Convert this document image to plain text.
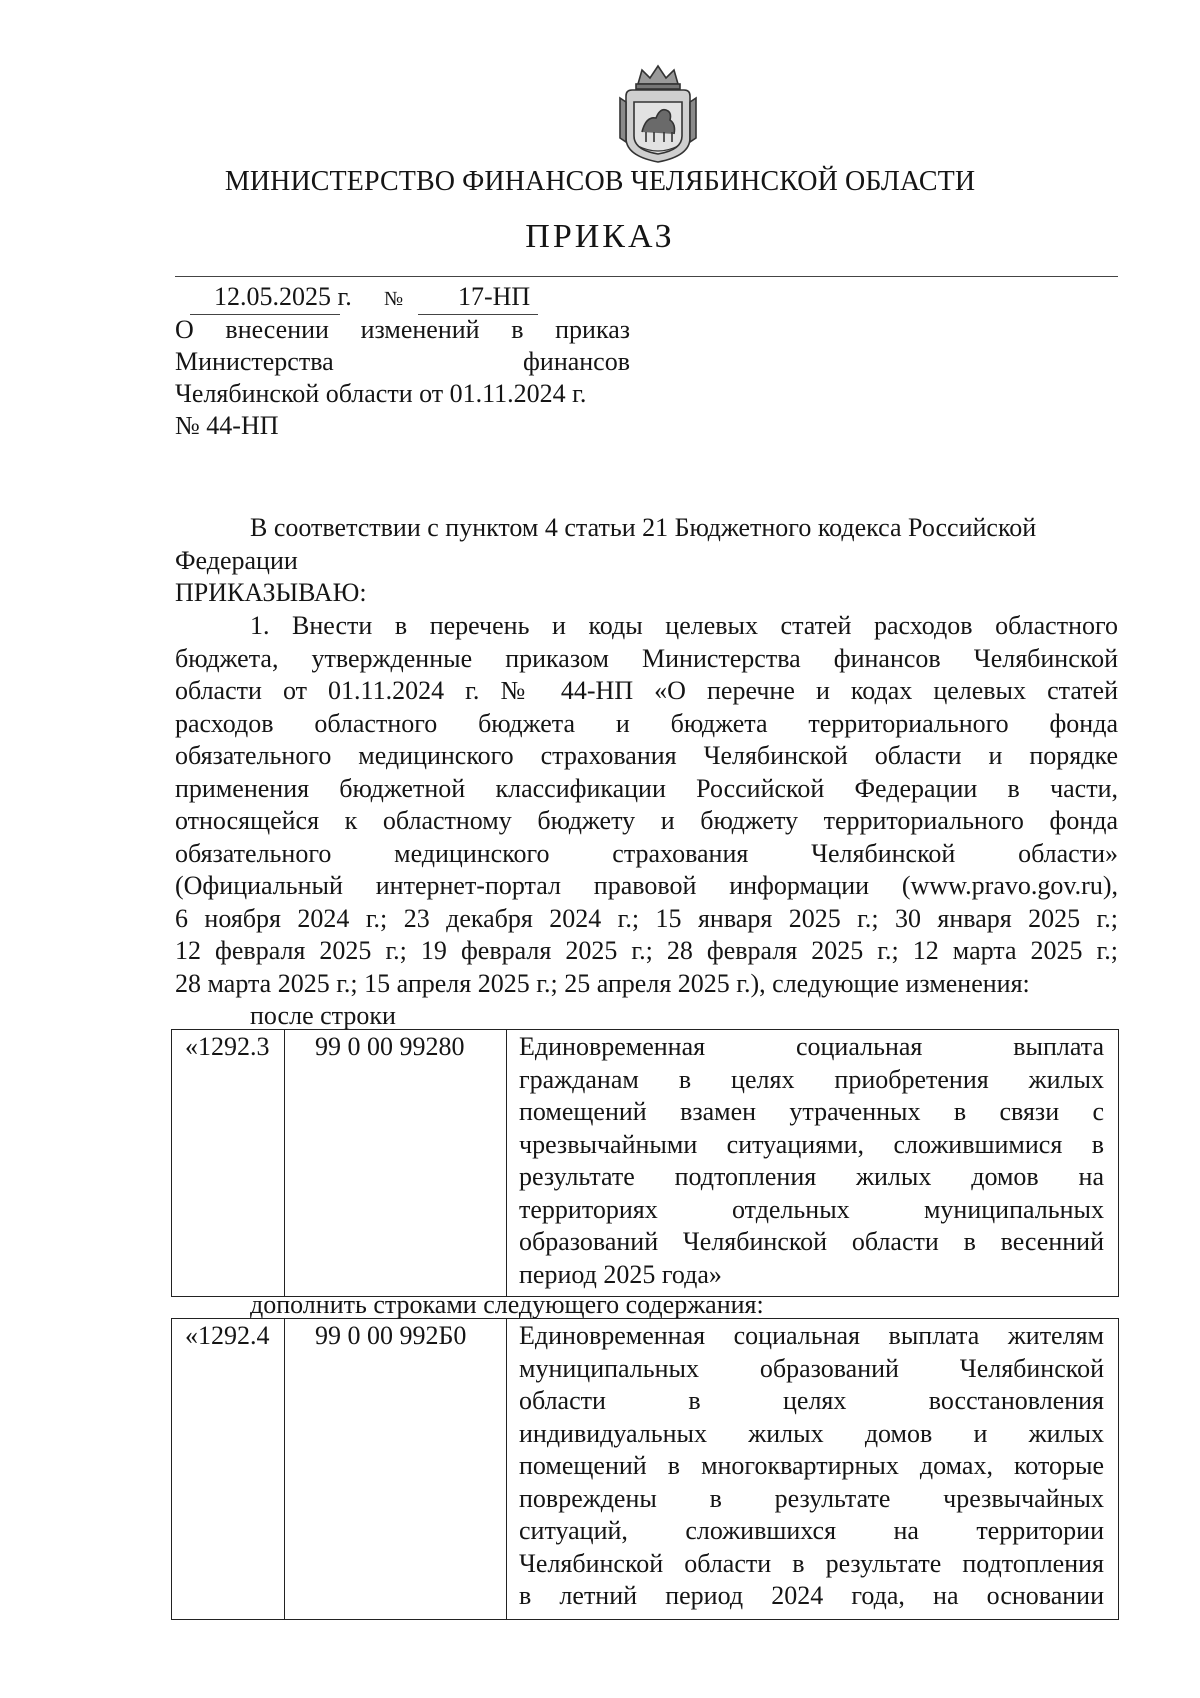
МИНИСТЕРСТВО ФИНАНСОВ ЧЕЛЯБИНСКОЙ ОБЛАСТИ
ПРИКАЗ
12.05.2025 г. № 17-НП
О внесении изменений в приказ
Министерства финансов
Челябинской области от 01.11.2024 г.
№ 44-НП
В соответствии с пунктом 4 статьи 21 Бюджетного кодекса Российской
Федерации
ПРИКАЗЫВАЮ:
1. Внести в перечень и коды целевых статей расходов областного
бюджета, утвержденные приказом Министерства финансов Челябинской
области от 01.11.2024 г. № 44-НП «О перечне и кодах целевых статей
расходов областного бюджета и бюджета территориального фонда
обязательного медицинского страхования Челябинской области и порядке
применения бюджетной классификации Российской Федерации в части,
относящейся к областному бюджету и бюджету территориального фонда
обязательного медицинского страхования Челябинской области»
(Официальный интернет-портал правовой информации (www.pravo.gov.ru),
6 ноября 2024 г.; 23 декабря 2024 г.; 15 января 2025 г.; 30 января 2025 г.;
12 февраля 2025 г.; 19 февраля 2025 г.; 28 февраля 2025 г.; 12 марта 2025 г.;
28 марта 2025 г.; 15 апреля 2025 г.; 25 апреля 2025 г.), следующие изменения:
после строки
«1292.3 99 0 00 99280 Единовременная социальная выплата
гражданам в целях приобретения жилых
помещений взамен утраченных в связи с
чрезвычайными ситуациями, сложившимися в
результате подтопления жилых домов на
территориях отдельных муниципальных
образований Челябинской области в весенний
период 2025 года»
дополнить строками следующего содержания:
«1292.4 99 0 00 992Б0 Единовременная социальная выплата жителям
муниципальных образований Челябинской
области в целях восстановления
индивидуальных жилых домов и жилых
помещений в многоквартирных домах, которые
повреждены в результате чрезвычайных
ситуаций, сложившихся на территории
Челябинской области в результате подтопления
в летний период 2024 года, на основании
